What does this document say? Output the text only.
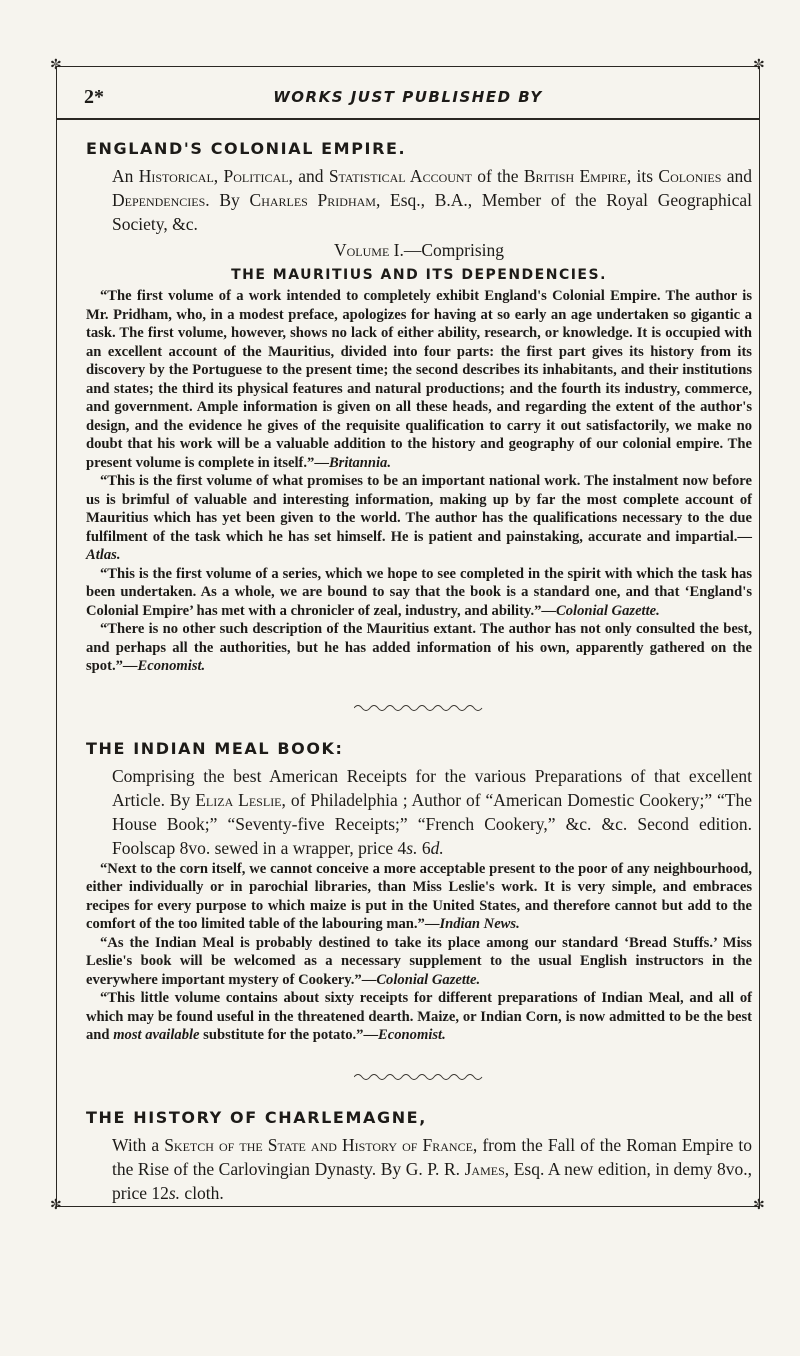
✼	✼
✼	✼
2*	WORKS JUST PUBLISHED BY
ENGLAND'S COLONIAL EMPIRE.

An Historical, Political, and Statistical Account of the British Empire, its Colonies and Dependencies. By Charles Pridham, Esq., B.A., Member of the Royal Geographical Society, &c.

Volume I.—Comprising

THE MAURITIUS AND ITS DEPENDENCIES.

“The first volume of a work intended to completely exhibit England's Colonial Empire. The author is Mr. Pridham, who, in a modest preface, apologizes for having at so early an age undertaken so gigantic a task. The first volume, however, shows no lack of either ability, research, or knowledge. It is occupied with an excellent account of the Mauritius, divided into four parts: the first part gives its history from its discovery by the Portuguese to the present time; the second describes its inhabitants, and their institutions and states; the third its physical features and natural productions; and the fourth its industry, commerce, and government. Ample information is given on all these heads, and regarding the extent of the author's design, and the evidence he gives of the requisite qualification to carry it out satisfactorily, we make no doubt that his work will be a valuable addition to the history and geography of our colonial empire. The present volume is complete in itself.”—Britannia.

“This is the first volume of what promises to be an important national work. The instalment now before us is brimful of valuable and interesting information, making up by far the most complete account of Mauritius which has yet been given to the world. The author has the qualifications necessary to the due fulfilment of the task which he has set himself. He is patient and painstaking, accurate and impartial.—Atlas.

“This is the first volume of a series, which we hope to see completed in the spirit with which the task has been undertaken. As a whole, we are bound to say that the book is a standard one, and that ‘England's Colonial Empire’ has met with a chronicler of zeal, industry, and ability.”—Colonial Gazette.

“There is no other such description of the Mauritius extant. The author has not only consulted the best, and perhaps all the authorities, but he has added information of his own, apparently gathered on the spot.”—Economist.

THE INDIAN MEAL BOOK:

Comprising the best American Receipts for the various Preparations of that excellent Article. By Eliza Leslie, of Philadelphia ; Author of “American Domestic Cookery;” “The House Book;” “Seventy-five Receipts;” “French Cookery,” &c. &c. Second edition. Foolscap 8vo. sewed in a wrapper, price 4s. 6d.

“Next to the corn itself, we cannot conceive a more acceptable present to the poor of any neighbourhood, either individually or in parochial libraries, than Miss Leslie's work. It is very simple, and embraces recipes for every purpose to which maize is put in the United States, and therefore cannot but add to the comfort of the too limited table of the labouring man.”—Indian News.

“As the Indian Meal is probably destined to take its place among our standard ‘Bread Stuffs.’ Miss Leslie's book will be welcomed as a necessary supplement to the usual English instructors in the everywhere important mystery of Cookery.”—Colonial Gazette.

“This little volume contains about sixty receipts for different preparations of Indian Meal, and all of which may be found useful in the threatened dearth. Maize, or Indian Corn, is now admitted to be the best and most available substitute for the potato.”—Economist.

THE HISTORY OF CHARLEMAGNE,

With a Sketch of the State and History of France, from the Fall of the Roman Empire to the Rise of the Carlovingian Dynasty. By G. P. R. James, Esq. A new edition, in demy 8vo., price 12s. cloth.
